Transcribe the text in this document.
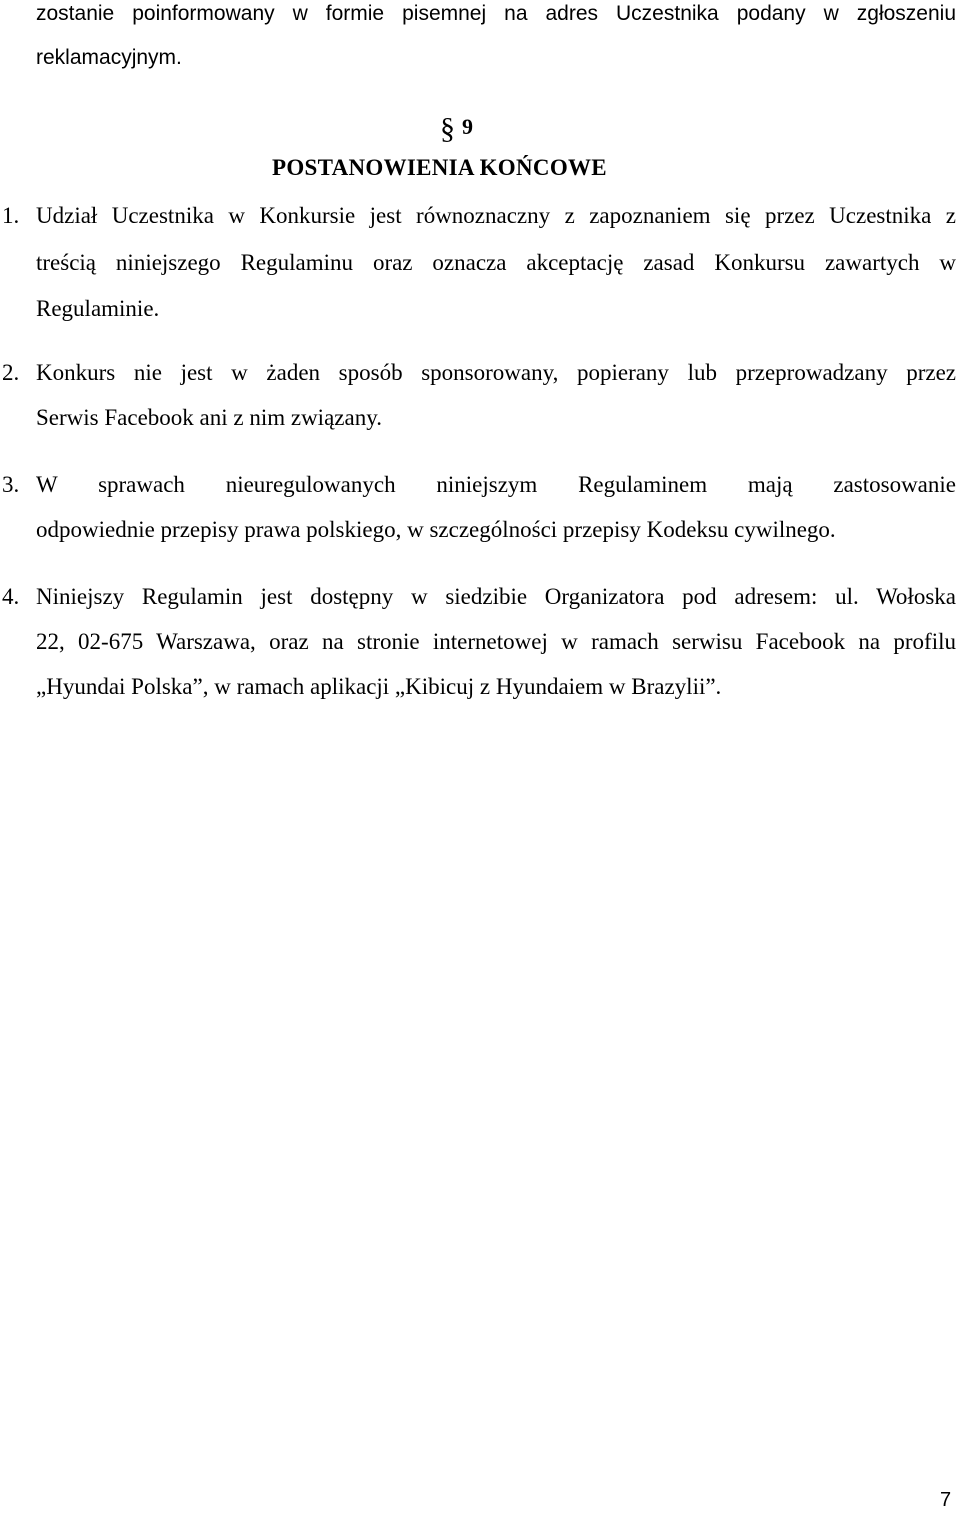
zostanie poinformowany w formie pisemnej na adres Uczestnika podany w zgłoszeniu
reklamacyjnym.
§ 9
POSTANOWIENIA KOŃCOWE
1. Udział Uczestnika w Konkursie jest równoznaczny z zapoznaniem się przez Uczestnika z
treścią niniejszego Regulaminu oraz oznacza akceptację zasad Konkursu zawartych w
Regulaminie.
2. Konkurs nie jest w żaden sposób sponsorowany, popierany lub przeprowadzany przez
Serwis Facebook ani z nim związany.
3. W sprawach nieuregulowanych niniejszym Regulaminem mają zastosowanie
odpowiednie przepisy prawa polskiego, w szczególności przepisy Kodeksu cywilnego.
4. Niniejszy Regulamin jest dostępny w siedzibie Organizatora pod adresem: ul. Wołoska
22, 02-675 Warszawa, oraz na stronie internetowej w ramach serwisu Facebook na profilu
„Hyundai Polska”, w ramach aplikacji „Kibicuj z Hyundaiem w Brazylii”.
7
